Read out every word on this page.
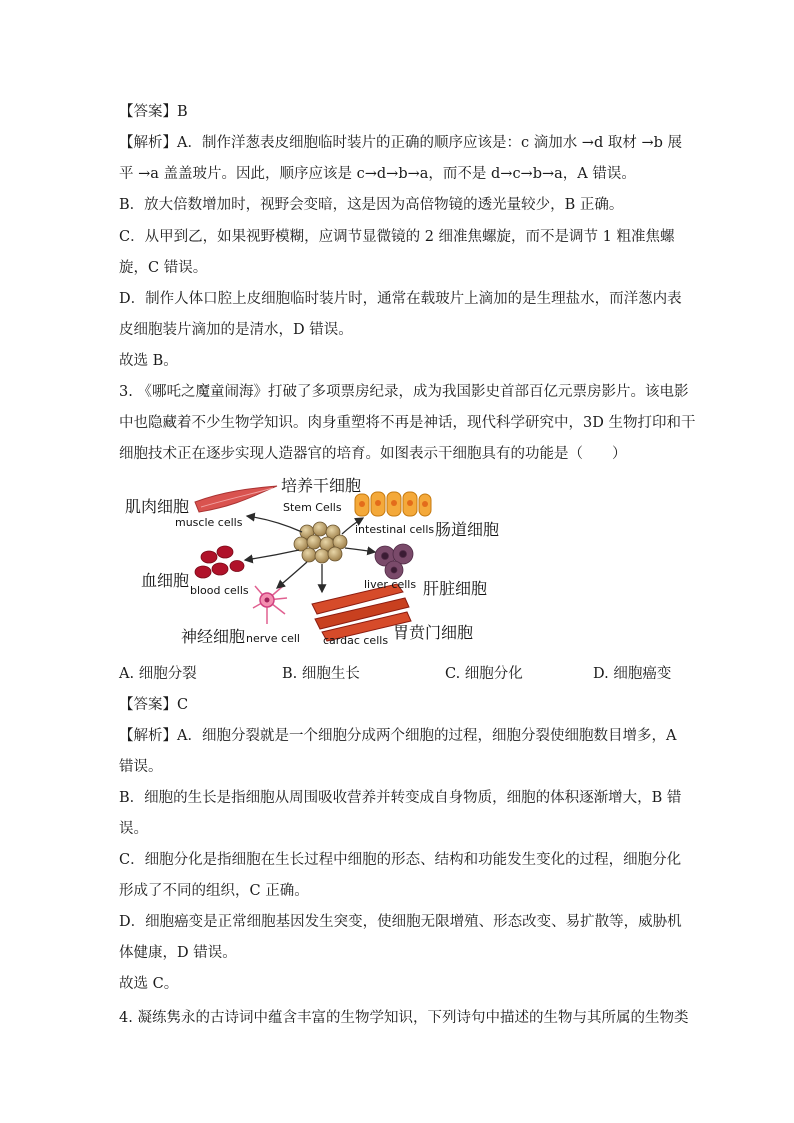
【答案】B
【解析】A．制作洋葱表皮细胞临时装片的正确的顺序应该是：c 滴加水 →d 取材 →b 展
平 →a 盖盖玻片。因此，顺序应该是 c→d→b→a，而不是 d→c→b→a，A 错误。
B．放大倍数增加时，视野会变暗，这是因为高倍物镜的透光量较少，B 正确。
C．从甲到乙，如果视野模糊，应调节显微镜的 2 细准焦螺旋，而不是调节 1 粗准焦螺
旋，C 错误。
D．制作人体口腔上皮细胞临时装片时，通常在载玻片上滴加的是生理盐水，而洋葱内表
皮细胞装片滴加的是清水，D 错误。
故选 B。
3. 《哪吒之魔童闹海》打破了多项票房纪录，成为我国影史首部百亿元票房影片。该电影
中也隐藏着不少生物学知识。肉身重塑将不再是神话，现代科学研究中，3D 生物打印和干
细胞技术正在逐步实现人造器官的培育。如图表示干细胞具有的功能是（　　）
肌肉细胞
muscle cells
培养干细胞
Stem Cells
intestinal cells 肠道细胞
血细胞
blood cells	liver cells 肝脏细胞
神经细胞 nerve cell cardac cells 胃贲门细胞
A. 细胞分裂	B. 细胞生长	C. 细胞分化	D. 细胞癌变
【答案】C
【解析】A．细胞分裂就是一个细胞分成两个细胞的过程，细胞分裂使细胞数目增多，A
错误。
B．细胞的生长是指细胞从周围吸收营养并转变成自身物质，细胞的体积逐渐增大，B 错
误。
C．细胞分化是指细胞在生长过程中细胞的形态、结构和功能发生变化的过程，细胞分化
形成了不同的组织，C 正确。
D．细胞癌变是正常细胞基因发生突变，使细胞无限增殖、形态改变、易扩散等，威胁机
体健康，D 错误。
故选 C。
4. 凝练隽永的古诗词中蕴含丰富的生物学知识，下列诗句中描述的生物与其所属的生物类
